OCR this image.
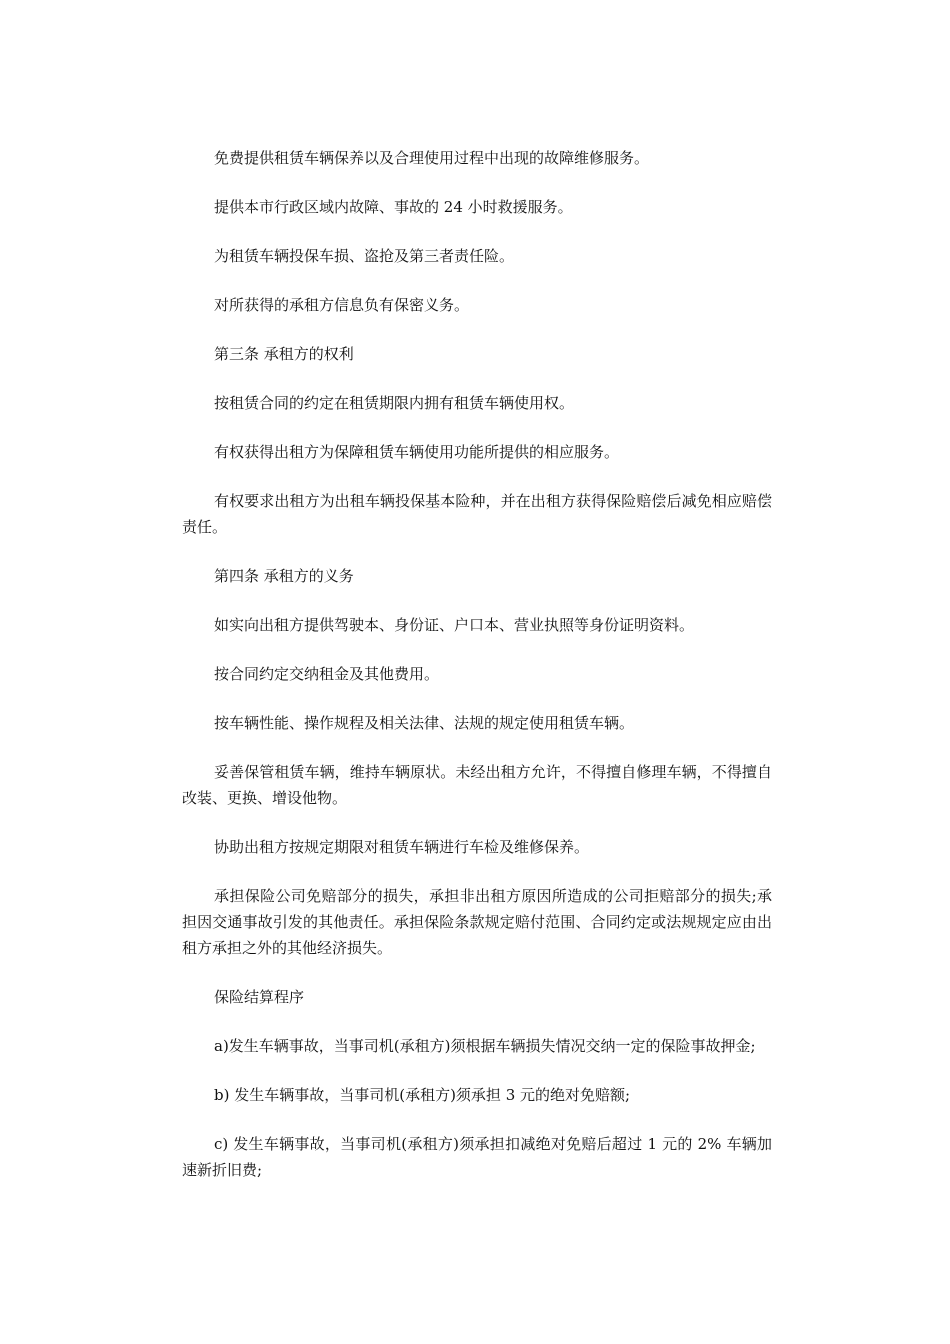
免费提供租赁车辆保养以及合理使用过程中出现的故障维修服务。

提供本市行政区域内故障、事故的 24 小时救援服务。

为租赁车辆投保车损、盗抢及第三者责任险。

对所获得的承租方信息负有保密义务。

第三条 承租方的权利

按租赁合同的约定在租赁期限内拥有租赁车辆使用权。

有权获得出租方为保障租赁车辆使用功能所提供的相应服务。

有权要求出租方为出租车辆投保基本险种，并在出租方获得保险赔偿后减免相应赔偿责任。

第四条 承租方的义务

如实向出租方提供驾驶本、身份证、户口本、营业执照等身份证明资料。

按合同约定交纳租金及其他费用。

按车辆性能、操作规程及相关法律、法规的规定使用租赁车辆。

妥善保管租赁车辆，维持车辆原状。未经出租方允许，不得擅自修理车辆，不得擅自改装、更换、增设他物。

协助出租方按规定期限对租赁车辆进行车检及维修保养。

承担保险公司免赔部分的损失，承担非出租方原因所造成的公司拒赔部分的损失;承担因交通事故引发的其他责任。承担保险条款规定赔付范围、合同约定或法规规定应由出租方承担之外的其他经济损失。

保险结算程序

a)发生车辆事故，当事司机(承租方)须根据车辆损失情况交纳一定的保险事故押金;

b) 发生车辆事故，当事司机(承租方)须承担 3 元的绝对免赔额;

c) 发生车辆事故，当事司机(承租方)须承担扣减绝对免赔后超过 1 元的 2% 车辆加速新折旧费;
